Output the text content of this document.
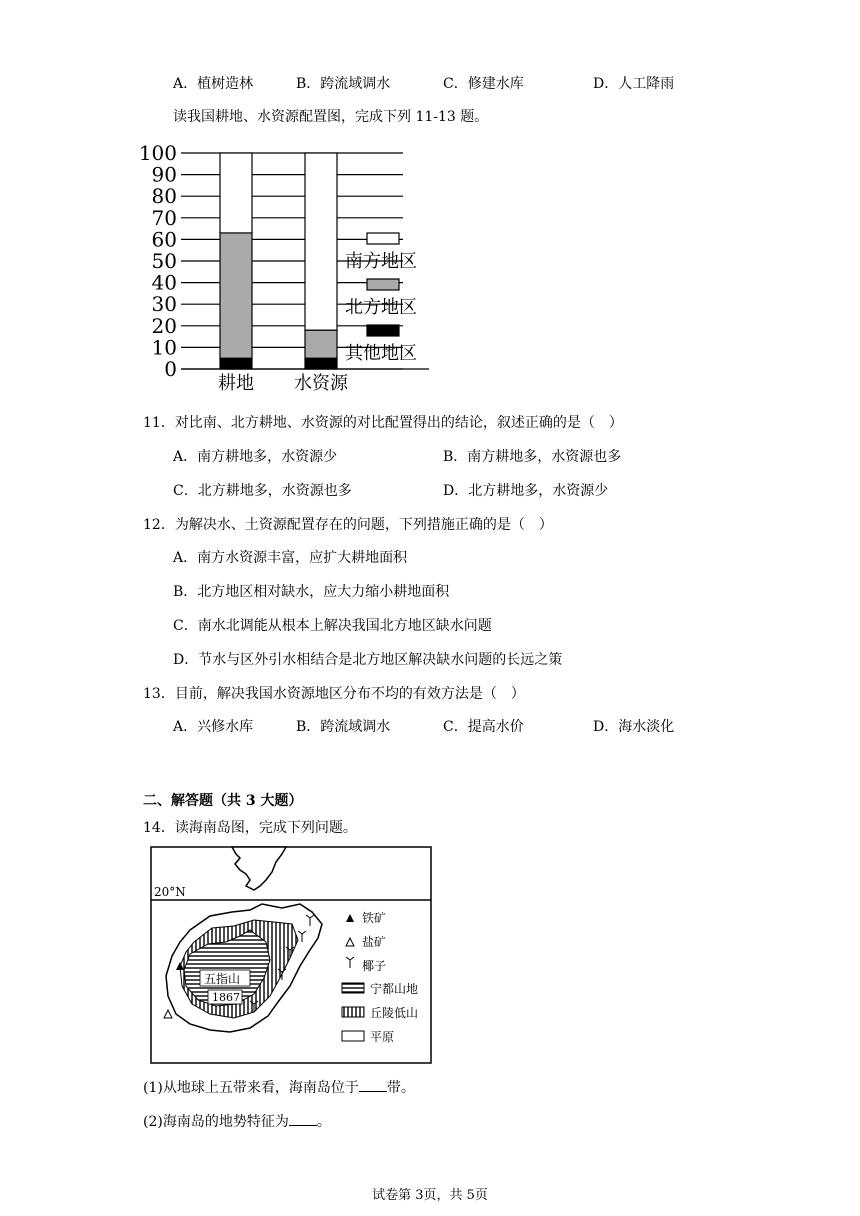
A．植树造林	B．跨流域调水	C．修建水库	D．人工降雨
读我国耕地、水资源配置图，完成下列 11-13 题。
0
10
20
30
40
50
60
70
80
90
100
耕地 水资源
南方地区
北方地区
其他地区
11．对比南、北方耕地、水资源的对比配置得出的结论，叙述正确的是（　）
A．南方耕地多，水资源少	B．南方耕地多，水资源也多
C．北方耕地多，水资源也多	D．北方耕地多，水资源少
12．为解决水、土资源配置存在的问题，下列措施正确的是（　）
A．南方水资源丰富，应扩大耕地面积
B．北方地区相对缺水，应大力缩小耕地面积
C．南水北调能从根本上解决我国北方地区缺水问题
D．节水与区外引水相结合是北方地区解决缺水问题的长远之策
13．目前，解决我国水资源地区分布不均的有效方法是（　）
A．兴修水库	B．跨流域调水	C．提高水价	D．海水淡化
二、解答题（共 3 大题）
14．读海南岛图，完成下列问题。
20°N
五指山
1867
铁矿
盐矿
椰子
宁都山地
丘陵低山
平原
(1)从地球上五带来看，海南岛位于 带。
(2)海南岛的地势特征为 。
试卷第 3页，共 5页
